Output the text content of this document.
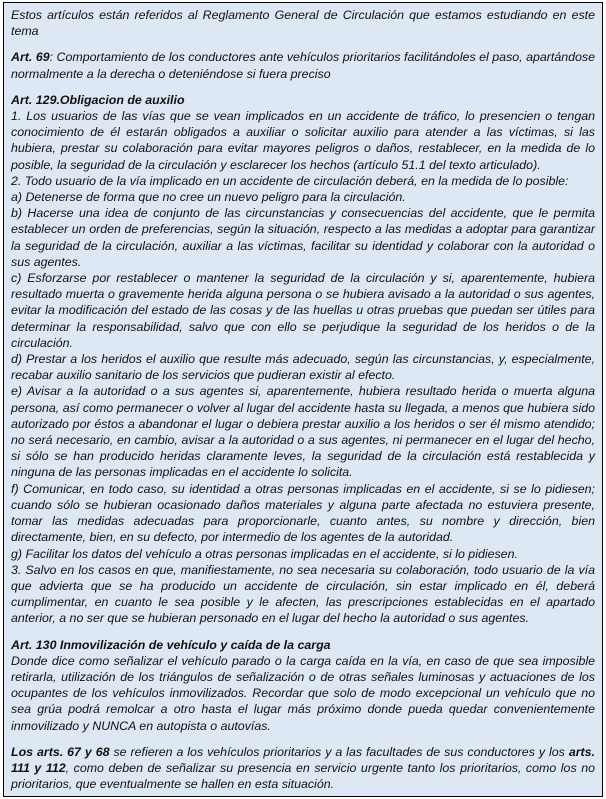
Estos artículos están referidos al Reglamento General de Circulación que estamos estudiando en este tema

Art. 69: Comportamiento de los conductores ante vehículos prioritarios facilitándoles el paso, apartándose normalmente a la derecha o deteniéndose si fuera preciso

Art. 129.Obligacion de auxilio

1. Los usuarios de las vías que se vean implicados en un accidente de tráfico, lo presencien o tengan conocimiento de él estarán obligados a auxiliar o solicitar auxilio para atender a las víctimas, si las hubiera, prestar su colaboración para evitar mayores peligros o daños, restablecer, en la medida de lo posible, la seguridad de la circulación y esclarecer los hechos (artículo 51.1 del texto articulado).

2. Todo usuario de la vía implicado en un accidente de circulación deberá, en la medida de lo posible:

a) Detenerse de forma que no cree un nuevo peligro para la circulación.

b) Hacerse una idea de conjunto de las circunstancias y consecuencias del accidente, que le permita establecer un orden de preferencias, según la situación, respecto a las medidas a adoptar para garantizar la seguridad de la circulación, auxiliar a las víctimas, facilitar su identidad y colaborar con la autoridad o sus agentes.

c) Esforzarse por restablecer o mantener la seguridad de la circulación y si, aparentemente, hubiera resultado muerta o gravemente herida alguna persona o se hubiera avisado a la autoridad o sus agentes, evitar la modificación del estado de las cosas y de las huellas u otras pruebas que puedan ser útiles para determinar la responsabilidad, salvo que con ello se perjudique la seguridad de los heridos o de la circulación.

d) Prestar a los heridos el auxilio que resulte más adecuado, según las circunstancias, y, especialmente, recabar auxilio sanitario de los servicios que pudieran existir al efecto.

e) Avisar a la autoridad o a sus agentes si, aparentemente, hubiera resultado herida o muerta alguna persona, así como permanecer o volver al lugar del accidente hasta su llegada, a menos que hubiera sido autorizado por éstos a abandonar el lugar o debiera prestar auxilio a los heridos o ser él mismo atendido; no será necesario, en cambio, avisar a la autoridad o a sus agentes, ni permanecer en el lugar del hecho, si sólo se han producido heridas claramente leves, la seguridad de la circulación está restablecida y ninguna de las personas implicadas en el accidente lo solicita.

f) Comunicar, en todo caso, su identidad a otras personas implicadas en el accidente, si se lo pidiesen; cuando sólo se hubieran ocasionado daños materiales y alguna parte afectada no estuviera presente, tomar las medidas adecuadas para proporcionarle, cuanto antes, su nombre y dirección, bien directamente, bien, en su defecto, por intermedio de los agentes de la autoridad.

g) Facilitar los datos del vehículo a otras personas implicadas en el accidente, si lo pidiesen.

3. Salvo en los casos en que, manifiestamente, no sea necesaria su colaboración, todo usuario de la vía que advierta que se ha producido un accidente de circulación, sin estar implicado en él, deberá cumplimentar, en cuanto le sea posible y le afecten, las prescripciones establecidas en el apartado anterior, a no ser que se hubieran personado en el lugar del hecho la autoridad o sus agentes.

Art. 130 Inmovilización de vehículo y caída de la carga

Donde dice como señalizar el vehículo parado o la carga caída en la vía, en caso de que sea imposible retirarla, utilización de los triángulos de señalización o de otras señales luminosas y actuaciones de los ocupantes de los vehículos inmovilizados. Recordar que solo de modo excepcional un vehículo que no sea grúa podrá remolcar a otro hasta el lugar más próximo donde pueda quedar convenientemente inmovilizado y NUNCA en autopista o autovías.

Los arts. 67 y 68 se refieren a los vehículos prioritarios y a las facultades de sus conductores y los arts. 111 y 112, como deben de señalizar su presencia en servicio urgente tanto los prioritarios, como los no prioritarios, que eventualmente se hallen en esta situación.
